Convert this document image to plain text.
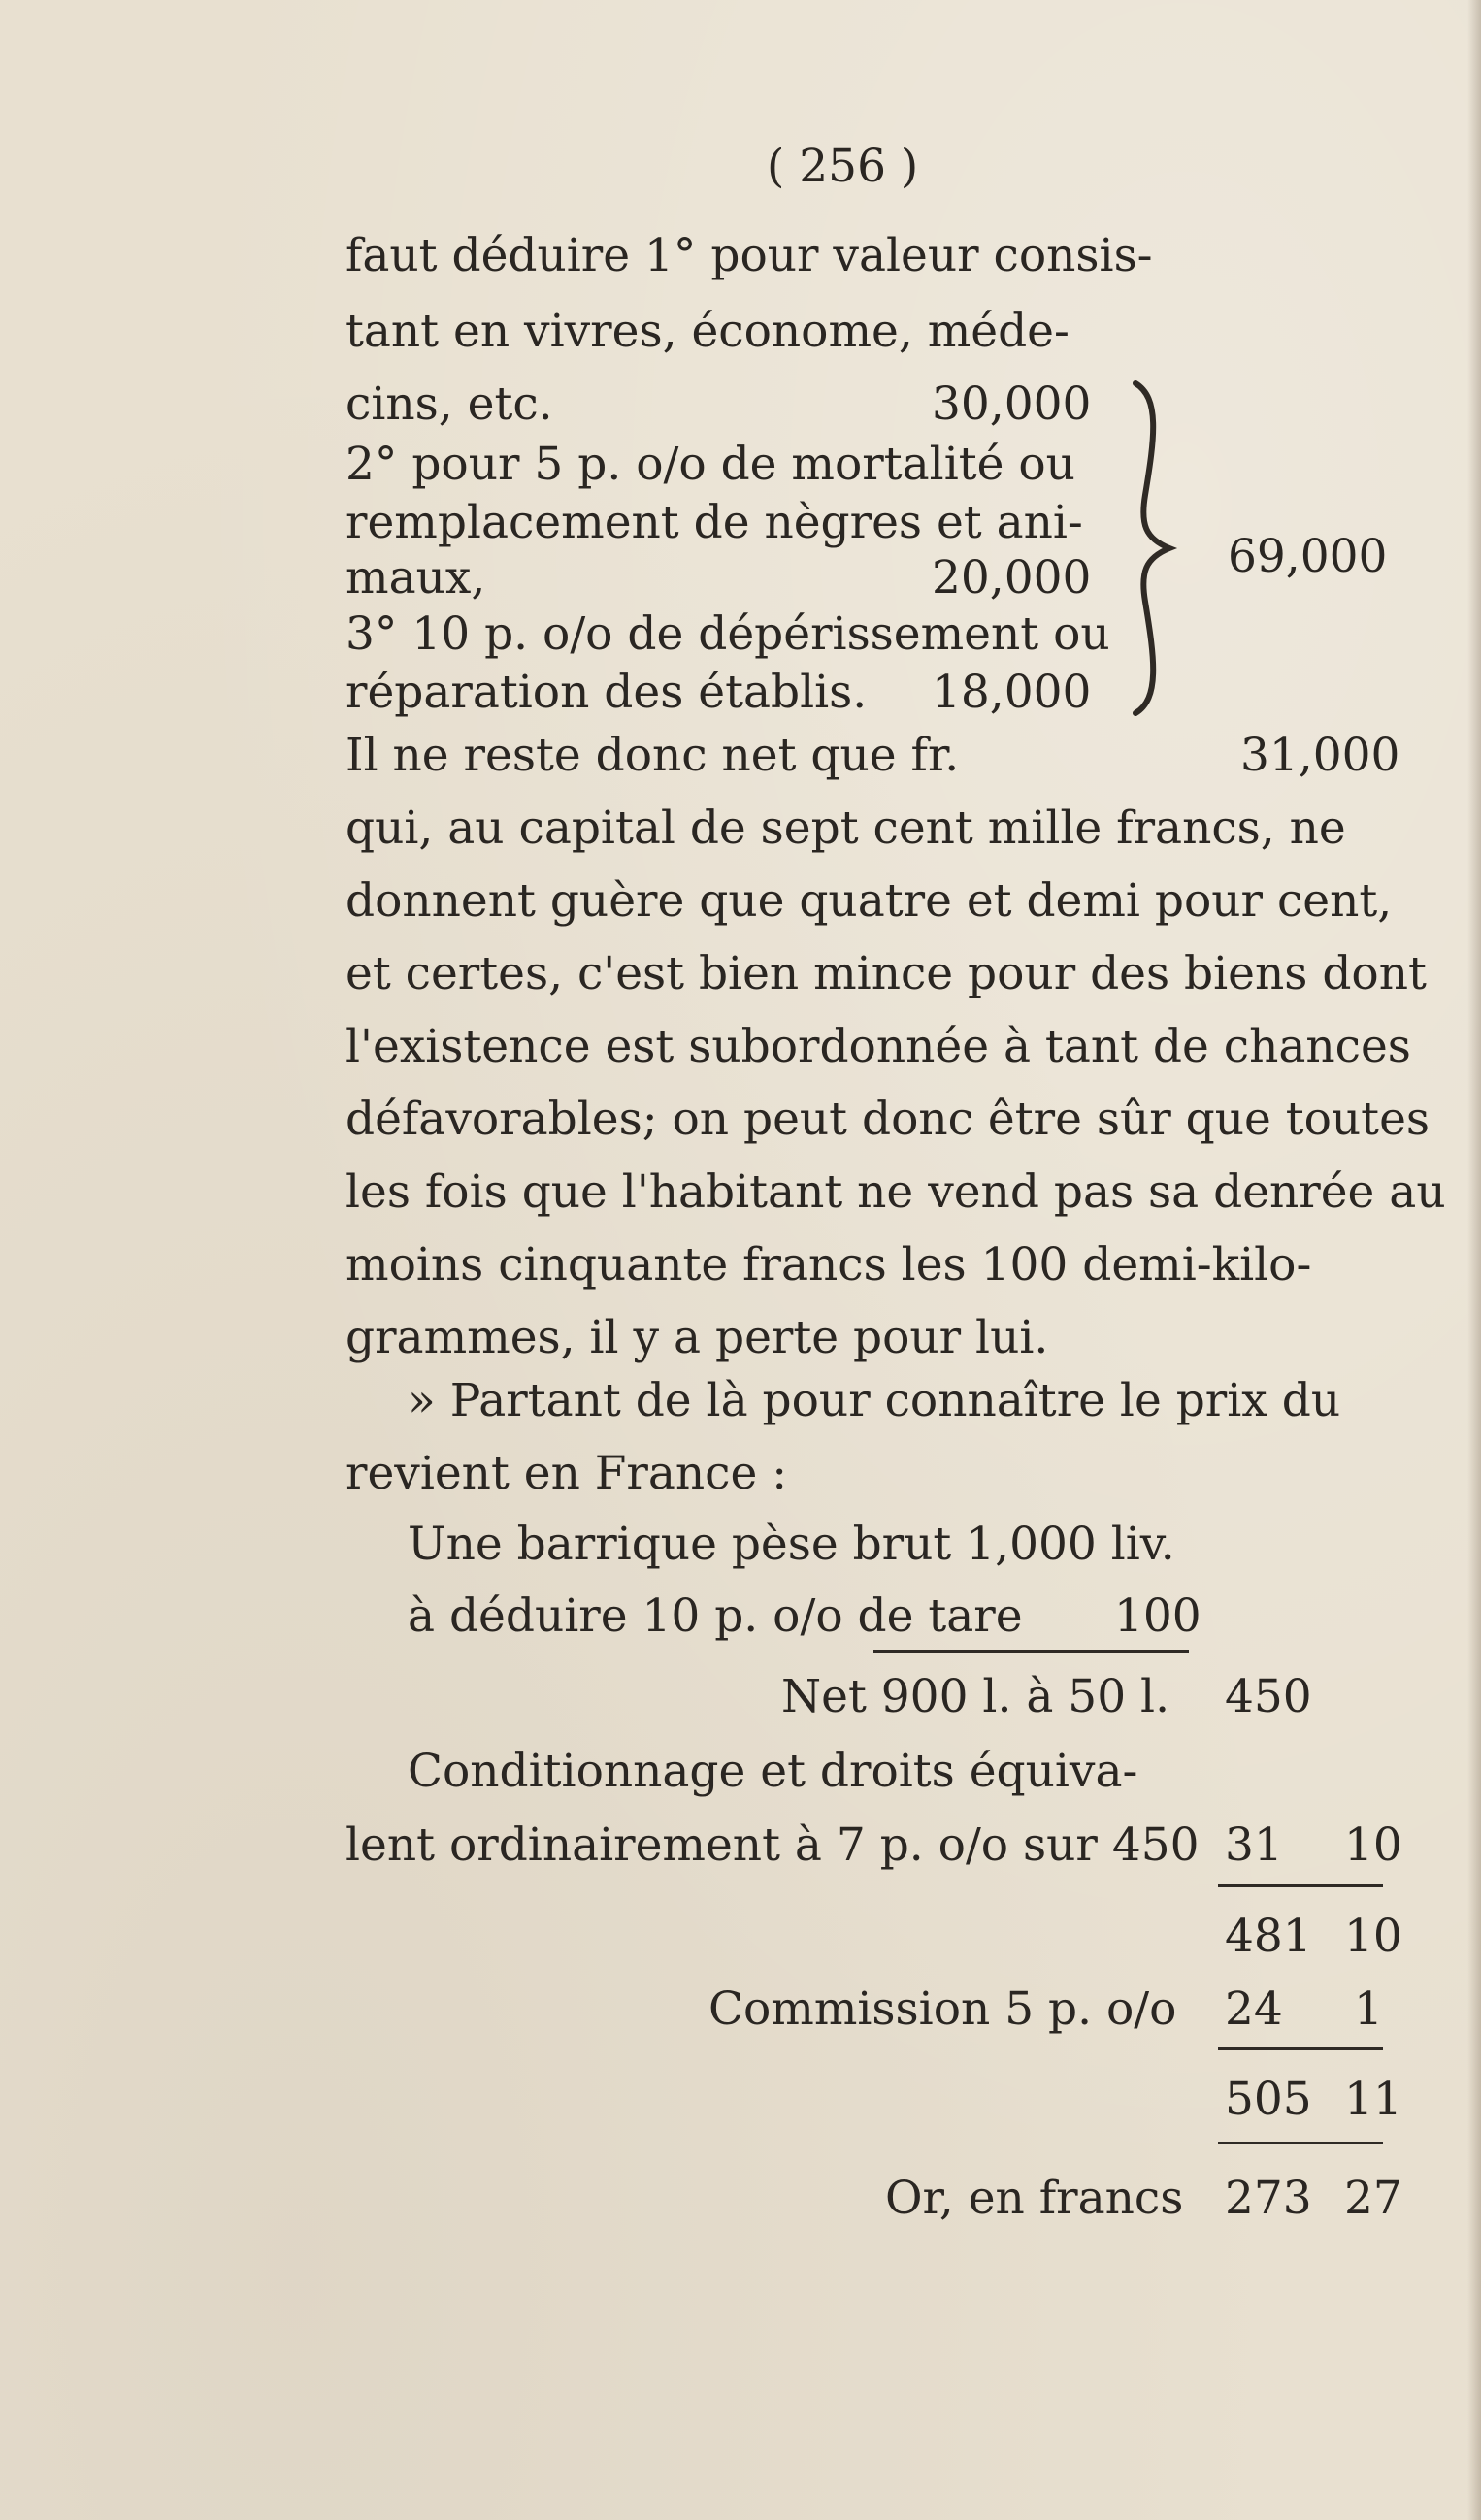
( 256 )
faut déduire 1° pour valeur consis-
tant en vivres, économe, méde-
cins, etc.	30,000
2° pour 5 p. o/o de mortalité ou
remplacement de nègres et ani-
maux,	20,000
3° 10 p. o/o de dépérissement ou
réparation des établis. 18,000
69,000
Il ne reste donc net que fr.	31,000
qui, au capital de sept cent mille francs, ne
donnent guère que quatre et demi pour cent,
et certes, c'est bien mince pour des biens dont
l'existence est subordonnée à tant de chances
défavorables; on peut donc être sûr que toutes
les fois que l'habitant ne vend pas sa denrée au
moins cinquante francs les 100 demi-kilo-
grammes, il y a perte pour lui.
» Partant de là pour connaître le prix du
revient en France :
Une barrique pèse brut 1,000 liv.
à déduire 10 p. o/o de tare 100
Net 900 l. à 50 l. 450
Conditionnage et droits équiva-
lent ordinairement à 7 p. o/o sur 450 31 10
481 10
Commission 5 p. o/o 24 1
505 11
Or, en francs 273 27
